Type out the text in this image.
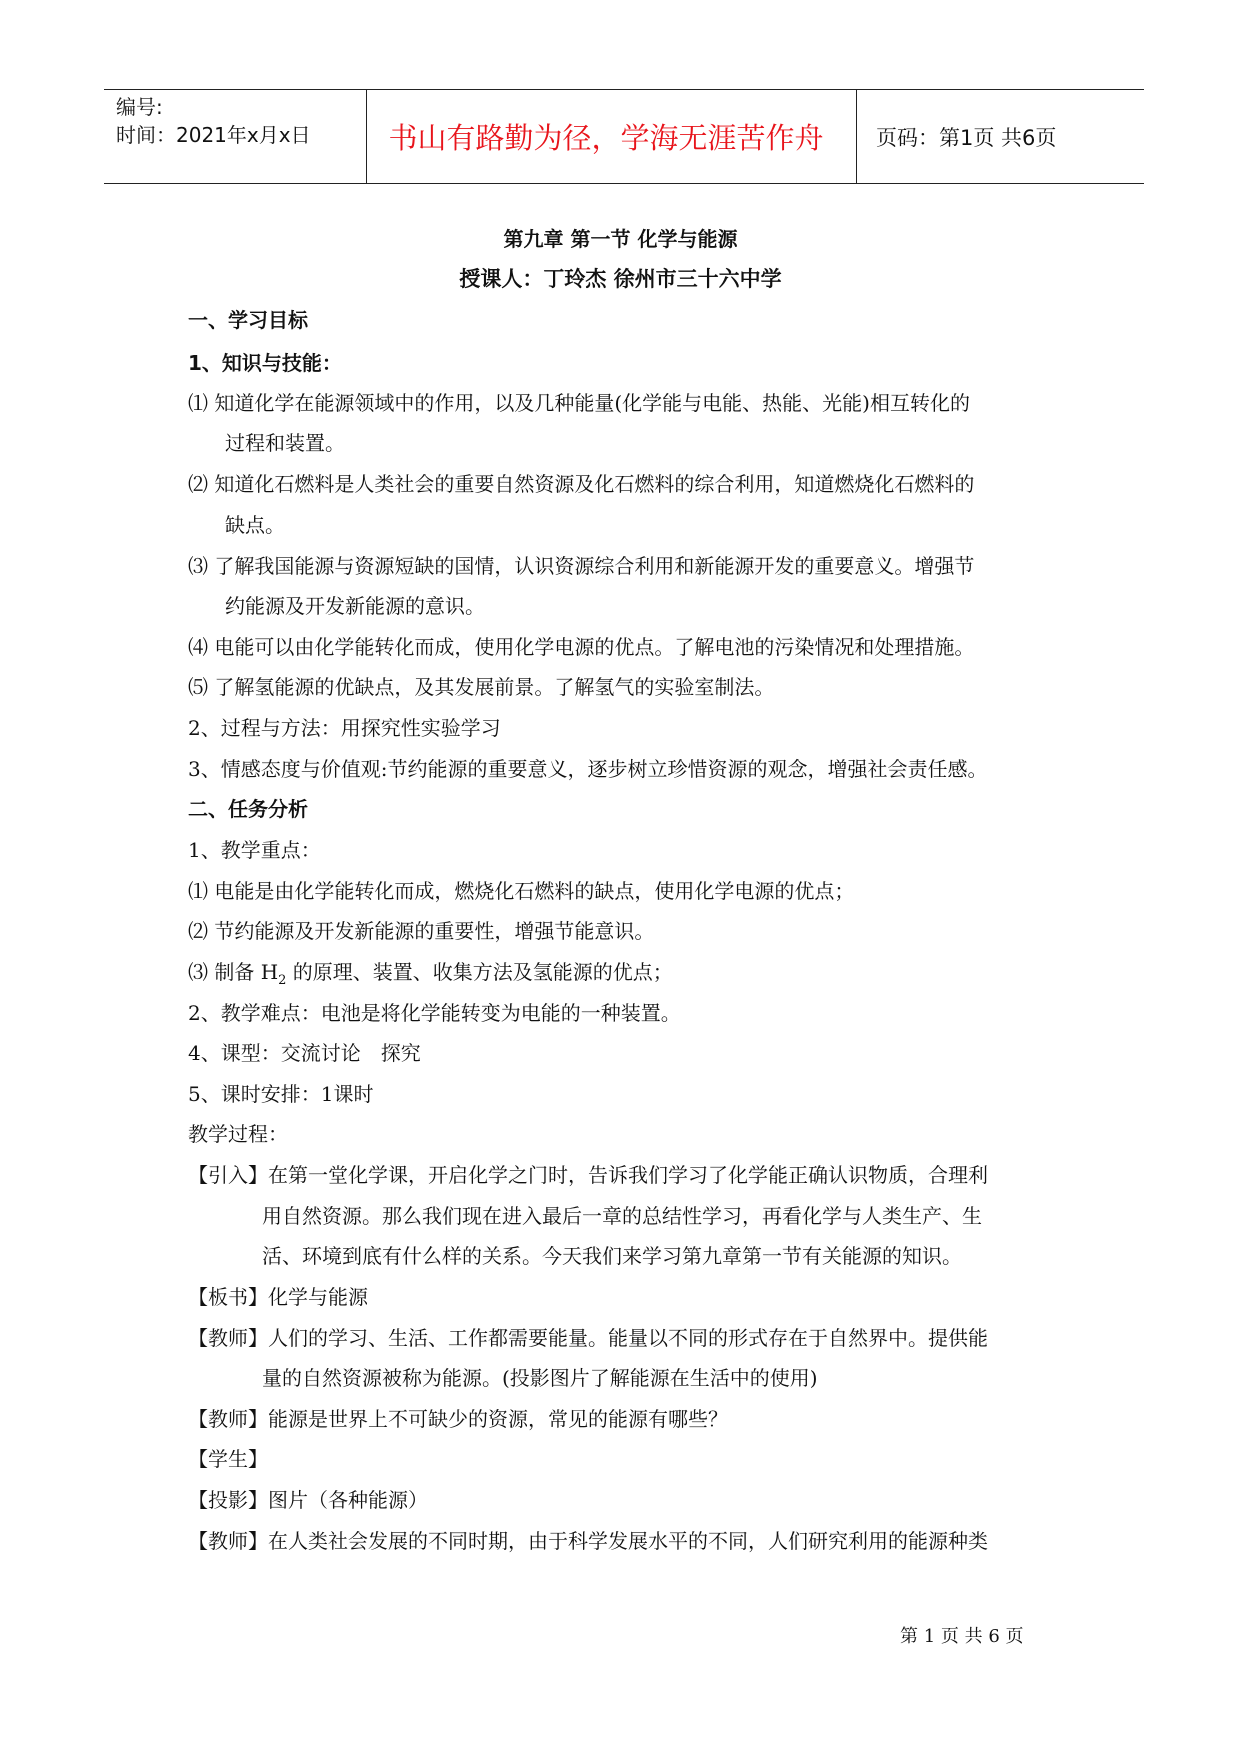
编号:
时间：2021年x月x日	书山有路勤为径，学海无涯苦作舟	页码：第1页 共6页
第九章 第一节 化学与能源
授课人：丁玲杰 徐州市三十六中学
一、学习目标
1、知识与技能：
⑴ 知道化学在能源领域中的作用，以及几种能量(化学能与电能、热能、光能)相互转化的
过程和装置。
⑵ 知道化石燃料是人类社会的重要自然资源及化石燃料的综合利用，知道燃烧化石燃料的
缺点。
⑶ 了解我国能源与资源短缺的国情，认识资源综合利用和新能源开发的重要意义。增强节
约能源及开发新能源的意识。
⑷ 电能可以由化学能转化而成，使用化学电源的优点。了解电池的污染情况和处理措施。
⑸ 了解氢能源的优缺点，及其发展前景。了解氢气的实验室制法。
2、过程与方法：用探究性实验学习
3、情感态度与价值观:节约能源的重要意义，逐步树立珍惜资源的观念，增强社会责任感。
二、任务分析
1、教学重点：
⑴ 电能是由化学能转化而成，燃烧化石燃料的缺点，使用化学电源的优点；
⑵ 节约能源及开发新能源的重要性，增强节能意识。
⑶ 制备 $H_2$ 的原理、装置、收集方法及氢能源的优点；
2、教学难点：电池是将化学能转变为电能的一种装置。
4、课型：交流讨论　探究
5、课时安排：1课时
教学过程：
【引入】在第一堂化学课，开启化学之门时，告诉我们学习了化学能正确认识物质，合理利
用自然资源。那么我们现在进入最后一章的总结性学习，再看化学与人类生产、生
活、环境到底有什么样的关系。今天我们来学习第九章第一节有关能源的知识。
【板书】化学与能源
【教师】人们的学习、生活、工作都需要能量。能量以不同的形式存在于自然界中。提供能
量的自然资源被称为能源。(投影图片了解能源在生活中的使用)
【教师】能源是世界上不可缺少的资源，常见的能源有哪些？
【学生】
【投影】图片（各种能源）
【教师】在人类社会发展的不同时期，由于科学发展水平的不同，人们研究利用的能源种类
第 1 页 共 6 页
